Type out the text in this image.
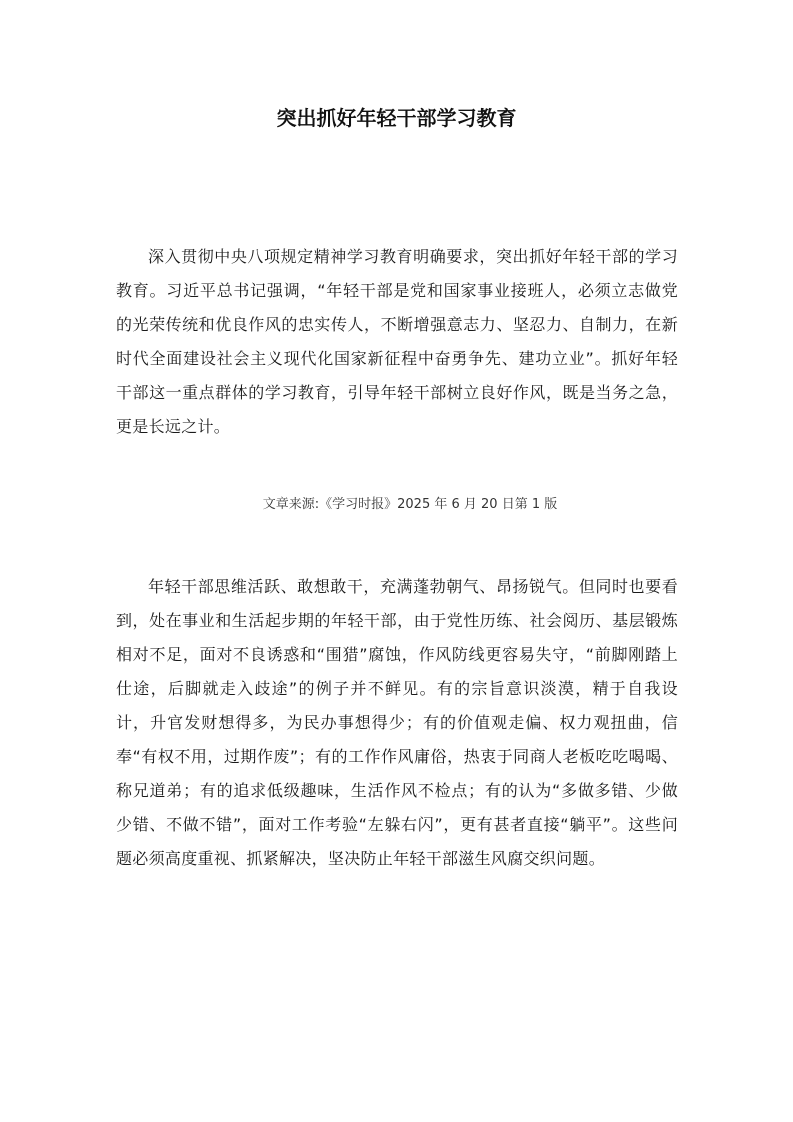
突出抓好年轻干部学习教育

深入贯彻中央八项规定精神学习教育明确要求，突出抓好年轻干部的学习教育。习近平总书记强调，“年轻干部是党和国家事业接班人，必须立志做党的光荣传统和优良作风的忠实传人，不断增强意志力、坚忍力、自制力，在新时代全面建设社会主义现代化国家新征程中奋勇争先、建功立业”。抓好年轻干部这一重点群体的学习教育，引导年轻干部树立良好作风，既是当务之急，更是长远之计。

文章来源:《学习时报》2025 年 6 月 20 日第 1 版

年轻干部思维活跃、敢想敢干，充满蓬勃朝气、昂扬锐气。但同时也要看到，处在事业和生活起步期的年轻干部，由于党性历练、社会阅历、基层锻炼相对不足，面对不良诱惑和“围猎”腐蚀，作风防线更容易失守，“前脚刚踏上仕途，后脚就走入歧途”的例子并不鲜见。有的宗旨意识淡漠，精于自我设计，升官发财想得多，为民办事想得少；有的价值观走偏、权力观扭曲，信奉“有权不用，过期作废”；有的工作作风庸俗，热衷于同商人老板吃吃喝喝、称兄道弟；有的追求低级趣味，生活作风不检点；有的认为“多做多错、少做少错、不做不错”，面对工作考验“左躲右闪”，更有甚者直接“躺平”。这些问题必须高度重视、抓紧解决，坚决防止年轻干部滋生风腐交织问题。
